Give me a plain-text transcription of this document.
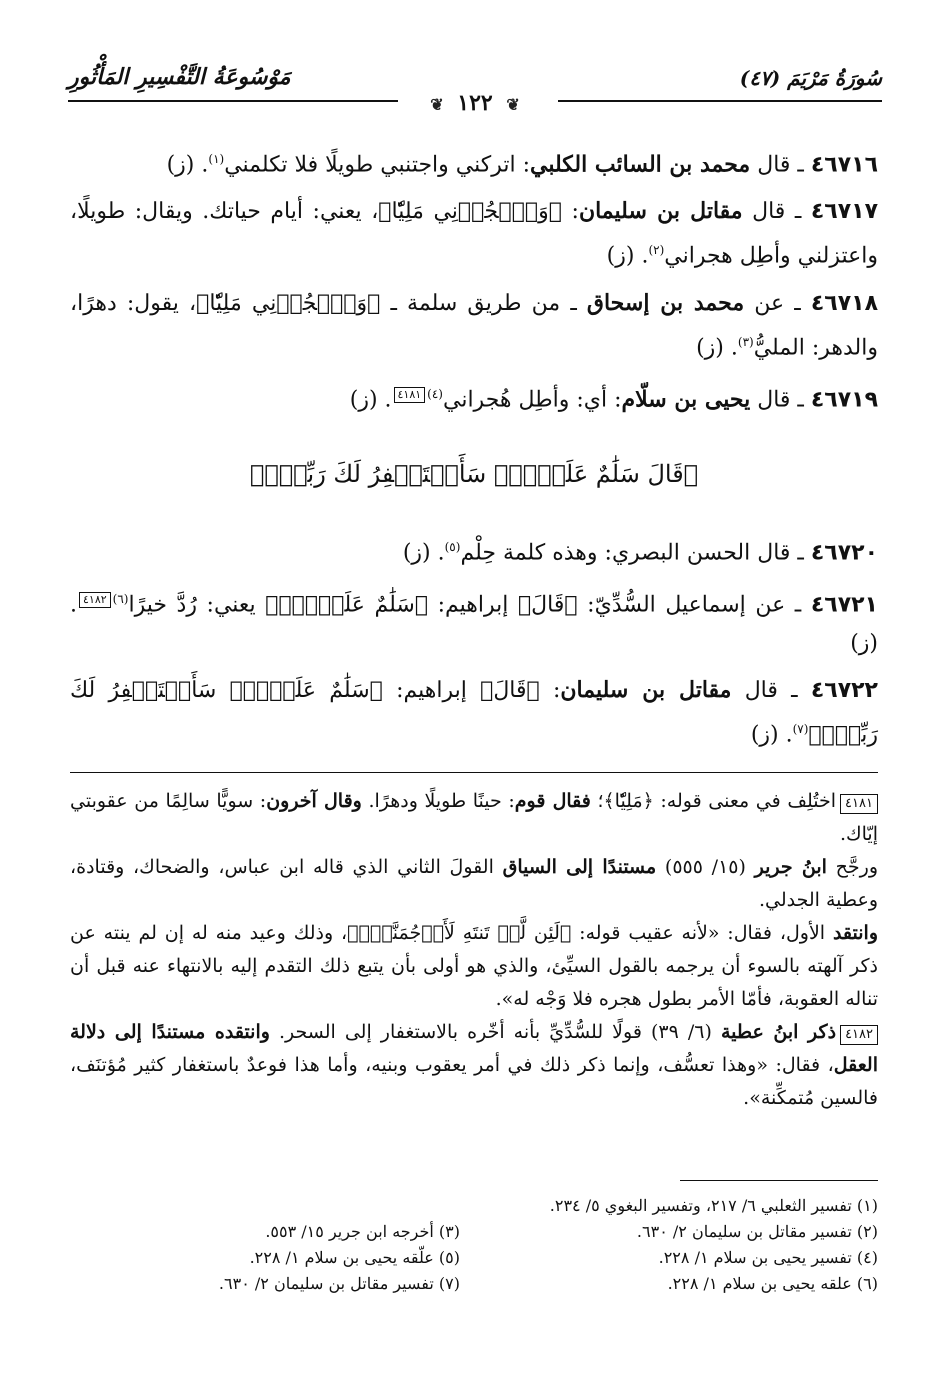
سُورَةُ مَرْيَمَ (٤٧)
مَوْسُوعَةُ التَّفْسِيرِ المَأْثُورِ
❦ ١٢٢ ❦
٤٦٧١٦ ـ قال محمد بن السائب الكلبي: اتركني واجتنبي طويلًا فلا تكلمني$^{(١)}$. (ز)
٤٦٧١٧ ـ قال مقاتل بن سليمان: ﴿وَٱهۡجُرۡنِي مَلِيّٗا﴾، يعني: أيام حياتك. ويقال: طويلًا، واعتزلني وأطِل هجراني$^{(٢)}$. (ز)
٤٦٧١٨ ـ عن محمد بن إسحاق ـ من طريق سلمة ـ ﴿وَٱهۡجُرۡنِي مَلِيّٗا﴾، يقول: دهرًا، والدهر: المليُّ$^{(٣)}$. (ز)
٤٦٧١٩ ـ قال يحيى بن سلّام: أي: وأطِل هُجراني$^{(٤)}$٤١٨١. (ز)
﴿قَالَ سَلَٰمٌ عَلَيۡكَۖ سَأَسۡتَغۡفِرُ لَكَ رَبِّيٓۖ﴾
٤٦٧٢٠ ـ قال الحسن البصري: وهذه كلمة حِلْم$^{(٥)}$. (ز)
٤٦٧٢١ ـ عن إسماعيل السُّدِّيّ: ﴿قَالَ﴾ إبراهيم: ﴿سَلَٰمٌ عَلَيۡكَۖ﴾ يعني: رُدَّ خيرًا$^{(٦)}$٤١٨٢. (ز)
٤٦٧٢٢ ـ قال مقاتل بن سليمان: ﴿قَالَ﴾ إبراهيم: ﴿سَلَٰمٌ عَلَيۡكَۖ سَأَسۡتَغۡفِرُ لَكَ رَبِّيٓۖ﴾$^{(٧)}$. (ز)

٤١٨١اختُلِف في معنى قوله: ﴿مَلِيّٗا﴾؛ فقال قوم: حينًا طويلًا ودهرًا. وقال آخرون: سويًّا سالِمًا من عقوبتي إيّاك.

ورجَّح ابنُ جرير (١٥/ ٥٥٥) مستندًا إلى السياق القولَ الثاني الذي قاله ابن عباس، والضحاك، وقتادة، وعطية الجدلي.

وانتقد الأول، فقال: «لأنه عقيب قوله: ﴿لَئِن لَّمۡ تَنتَهِ لَأَرۡجُمَنَّكَۖ﴾، وذلك وعيد منه له إن لم ينته عن ذكر آلهته بالسوء أن يرجمه بالقول السيِّئ، والذي هو أولى بأن يتبع ذلك التقدم إليه بالانتهاء عنه قبل أن تناله العقوبة، فأمّا الأمر بطول هجره فلا وَجْه له».

٤١٨٢ذكر ابنُ عطية (٦/ ٣٩) قولًا للسُّدِّيِّ بأنه أخّره بالاستغفار إلى السحر. وانتقده مستندًا إلى دلالة العقل، فقال: «وهذا تعسُّف، وإنما ذكر ذلك في أمر يعقوب وبنيه، وأما هذا فوعدٌ باستغفار كثير مُؤتنَف، فالسين مُتمكِّنة».

(١) تفسير الثعلبي ٦/ ٢١٧، وتفسير البغوي ٥/ ٢٣٤.
(٢) تفسير مقاتل بن سليمان ٢/ ٦٣٠.
(٣) أخرجه ابن جرير ١٥/ ٥٥٣.
(٤) تفسير يحيى بن سلام ١/ ٢٢٨.
(٥) علّقه يحيى بن سلام ١/ ٢٢٨.
(٦) علقه يحيى بن سلام ١/ ٢٢٨.
(٧) تفسير مقاتل بن سليمان ٢/ ٦٣٠.
